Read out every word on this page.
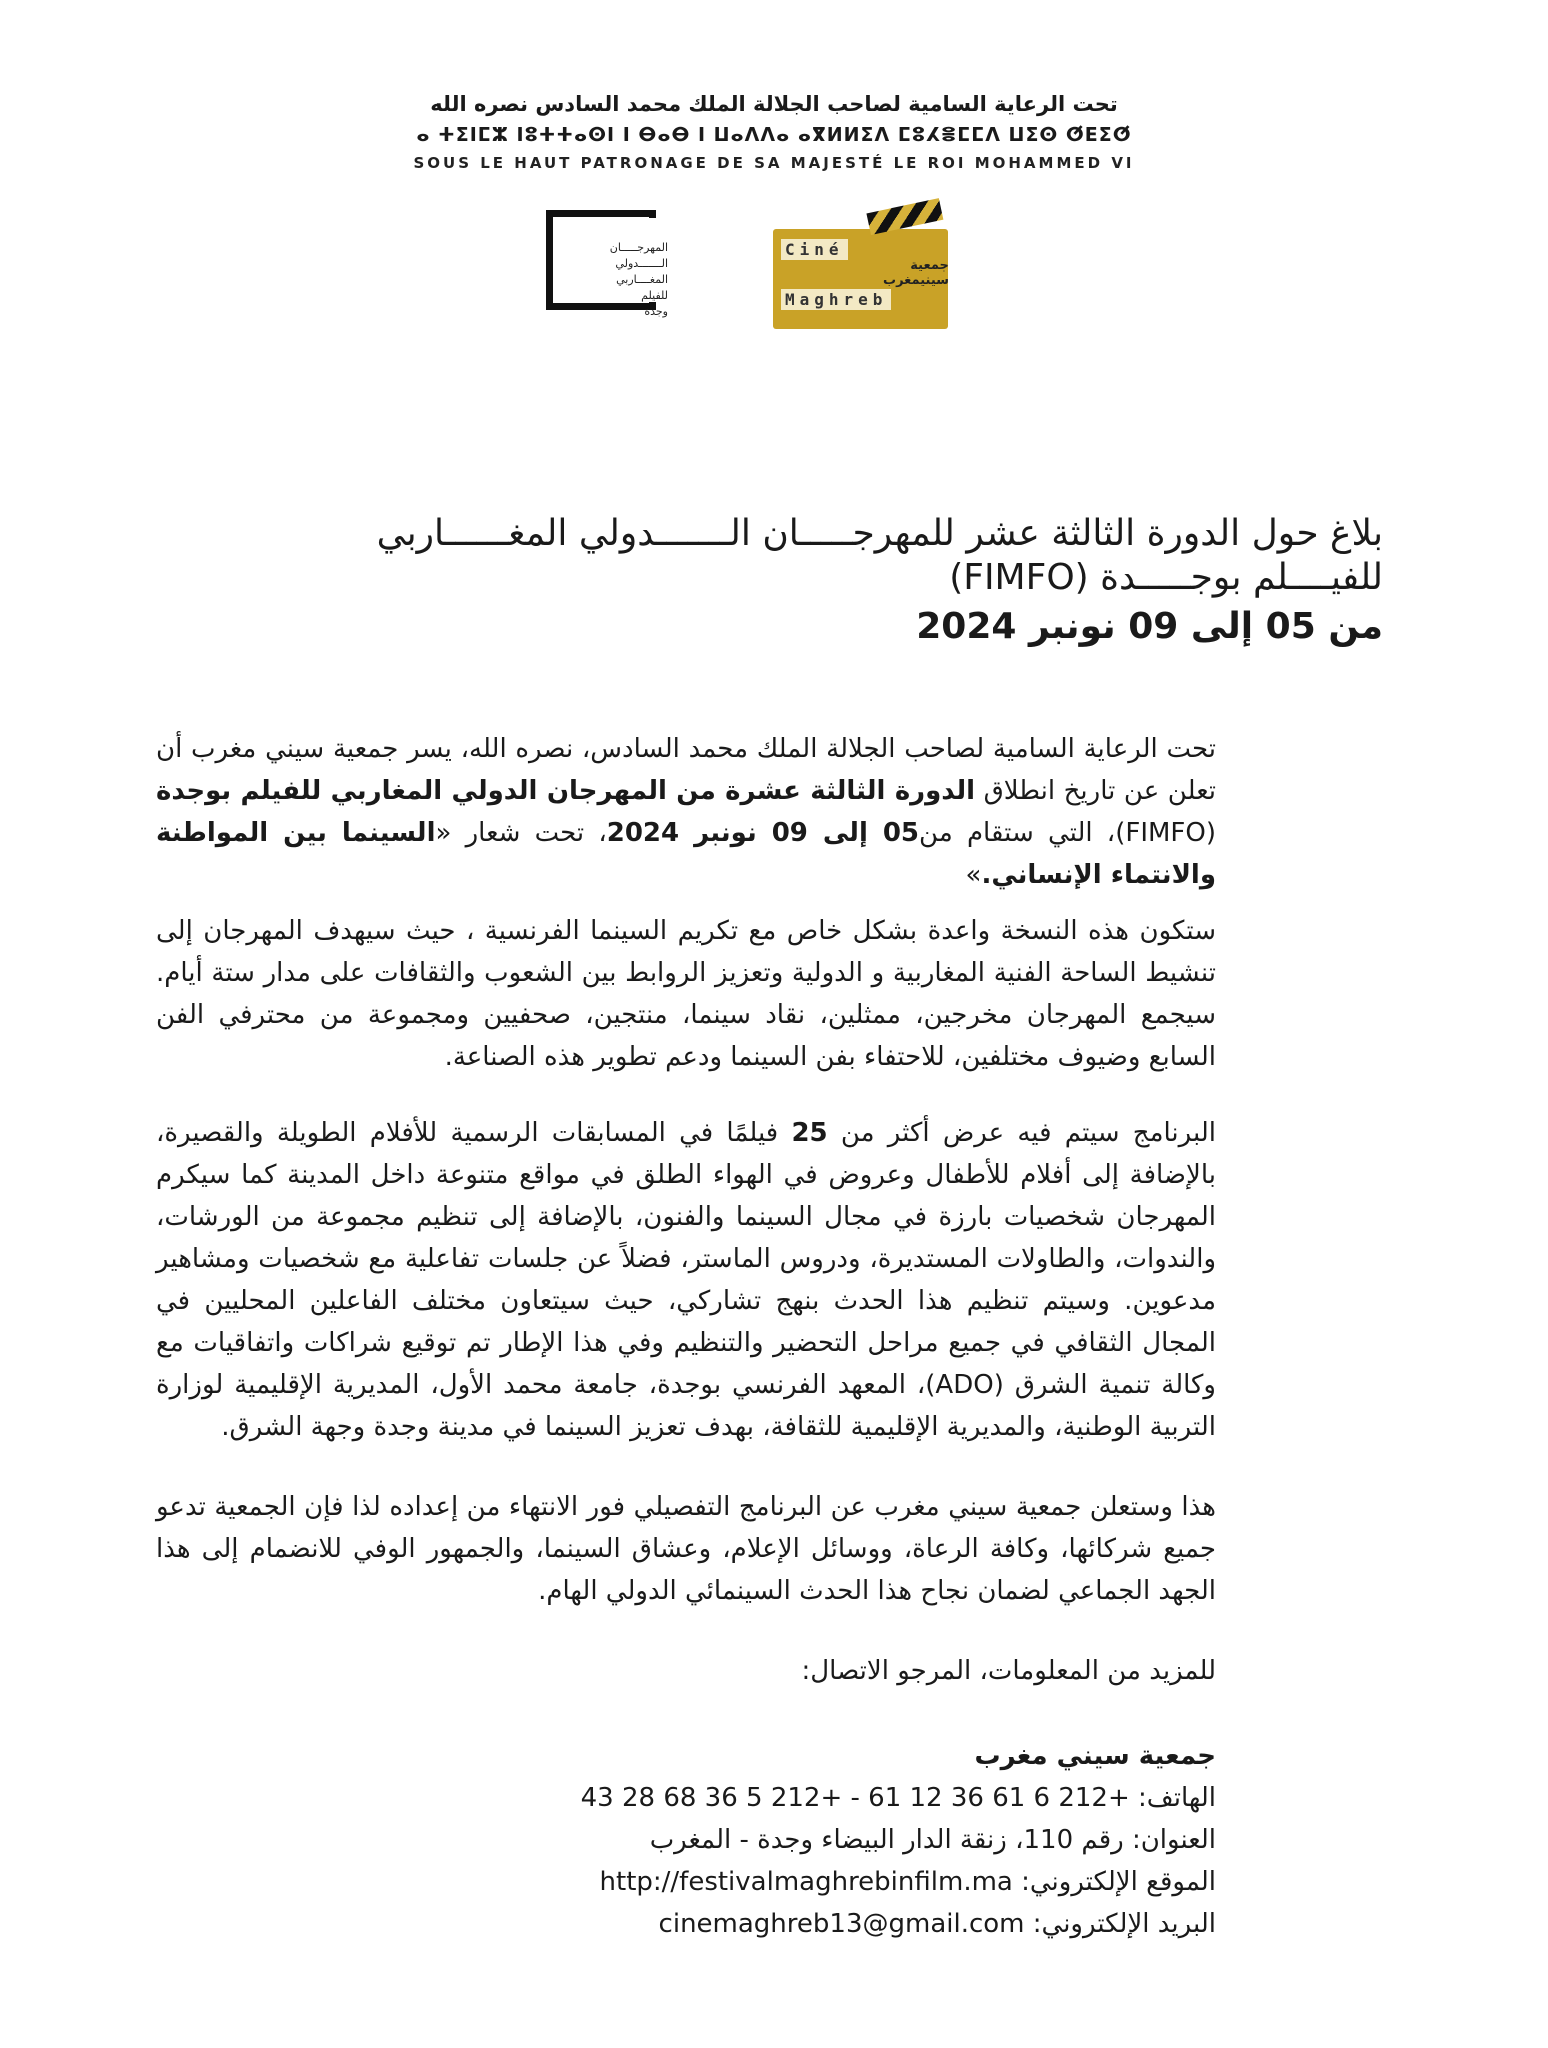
تحت الرعاية السامية لصاحب الجلالة الملك محمد السادس نصره الله
ⴰ ⵜⵉⵏⵎⵣ ⵏⵓⵜⵜⴰⵙⵏ ⵏ ⴱⴰⴱ ⵏ ⵡⴰⴷⴷⴰ ⴰⴳⵍⵍⵉⴷ ⵎⵓⵃⴻⵎⵎⴷ ⵡⵉⵙ ⵚⴹⵉⵚ
SOUS LE HAUT PATRONAGE DE SA MAJESTÉ LE ROI MOHAMMED VI
المهرجـــــان
الـــــــدولي
المغــــاربي
للفيلم
وجدة
Ciné
Maghreb
جمعية سينيمغرب
بلاغ حول الدورة الثالثة عشر للمهرجـــــان الـــــــدولي المغــــــاربي
للفيــــلم بوجـــــدة (FIMFO)
من 05 إلى 09 نونبر 2024
تحت الرعاية السامية لصاحب الجلالة الملك محمد السادس، نصره الله، يسر جمعية سيني مغرب أن تعلن عن تاريخ انطلاق الدورة الثالثة عشرة من المهرجان الدولي المغاربي للفيلم بوجدة (FIMFO)، التي ستقام من05 إلى 09 نونبر 2024، تحت شعار «السينما بين المواطنة والانتماء الإنساني.»
ستكون هذه النسخة واعدة بشكل خاص مع تكريم السينما الفرنسية ، حيث سيهدف المهرجان إلى تنشيط الساحة الفنية المغاربية و الدولية وتعزيز الروابط بين الشعوب والثقافات على مدار ستة أيام. سيجمع المهرجان مخرجين، ممثلين، نقاد سينما، منتجين، صحفيين ومجموعة من محترفي الفن السابع وضيوف مختلفين، للاحتفاء بفن السينما ودعم تطوير هذه الصناعة.
البرنامج سيتم فيه عرض أكثر من 25 فيلمًا في المسابقات الرسمية للأفلام الطويلة والقصيرة، بالإضافة إلى أفلام للأطفال وعروض في الهواء الطلق في مواقع متنوعة داخل المدينة كما سيكرم المهرجان شخصيات بارزة في مجال السينما والفنون، بالإضافة إلى تنظيم مجموعة من الورشات، والندوات، والطاولات المستديرة، ودروس الماستر، فضلاً عن جلسات تفاعلية مع شخصيات ومشاهير مدعوين. وسيتم تنظيم هذا الحدث بنهج تشاركي، حيث سيتعاون مختلف الفاعلين المحليين في المجال الثقافي في جميع مراحل التحضير والتنظيم وفي هذا الإطار تم توقيع شراكات واتفاقيات مع وكالة تنمية الشرق (ADO)، المعهد الفرنسي بوجدة، جامعة محمد الأول، المديرية الإقليمية لوزارة التربية الوطنية، والمديرية الإقليمية للثقافة، بهدف تعزيز السينما في مدينة وجدة وجهة الشرق.
هذا وستعلن جمعية سيني مغرب عن البرنامج التفصيلي فور الانتهاء من إعداده لذا فإن الجمعية تدعو جميع شركائها، وكافة الرعاة، ووسائل الإعلام، وعشاق السينما، والجمهور الوفي للانضمام إلى هذا الجهد الجماعي لضمان نجاح هذا الحدث السينمائي الدولي الهام.
للمزيد من المعلومات، المرجو الاتصال:
جمعية سيني مغرب
الهاتف: 43 28 68 36 5 212+ - 61 12 36 61 6 212+
العنوان: رقم 110، زنقة الدار البيضاء وجدة - المغرب
الموقع الإلكتروني: http://festivalmaghrebinfilm.ma
البريد الإلكتروني: cinemaghreb13@gmail.com
